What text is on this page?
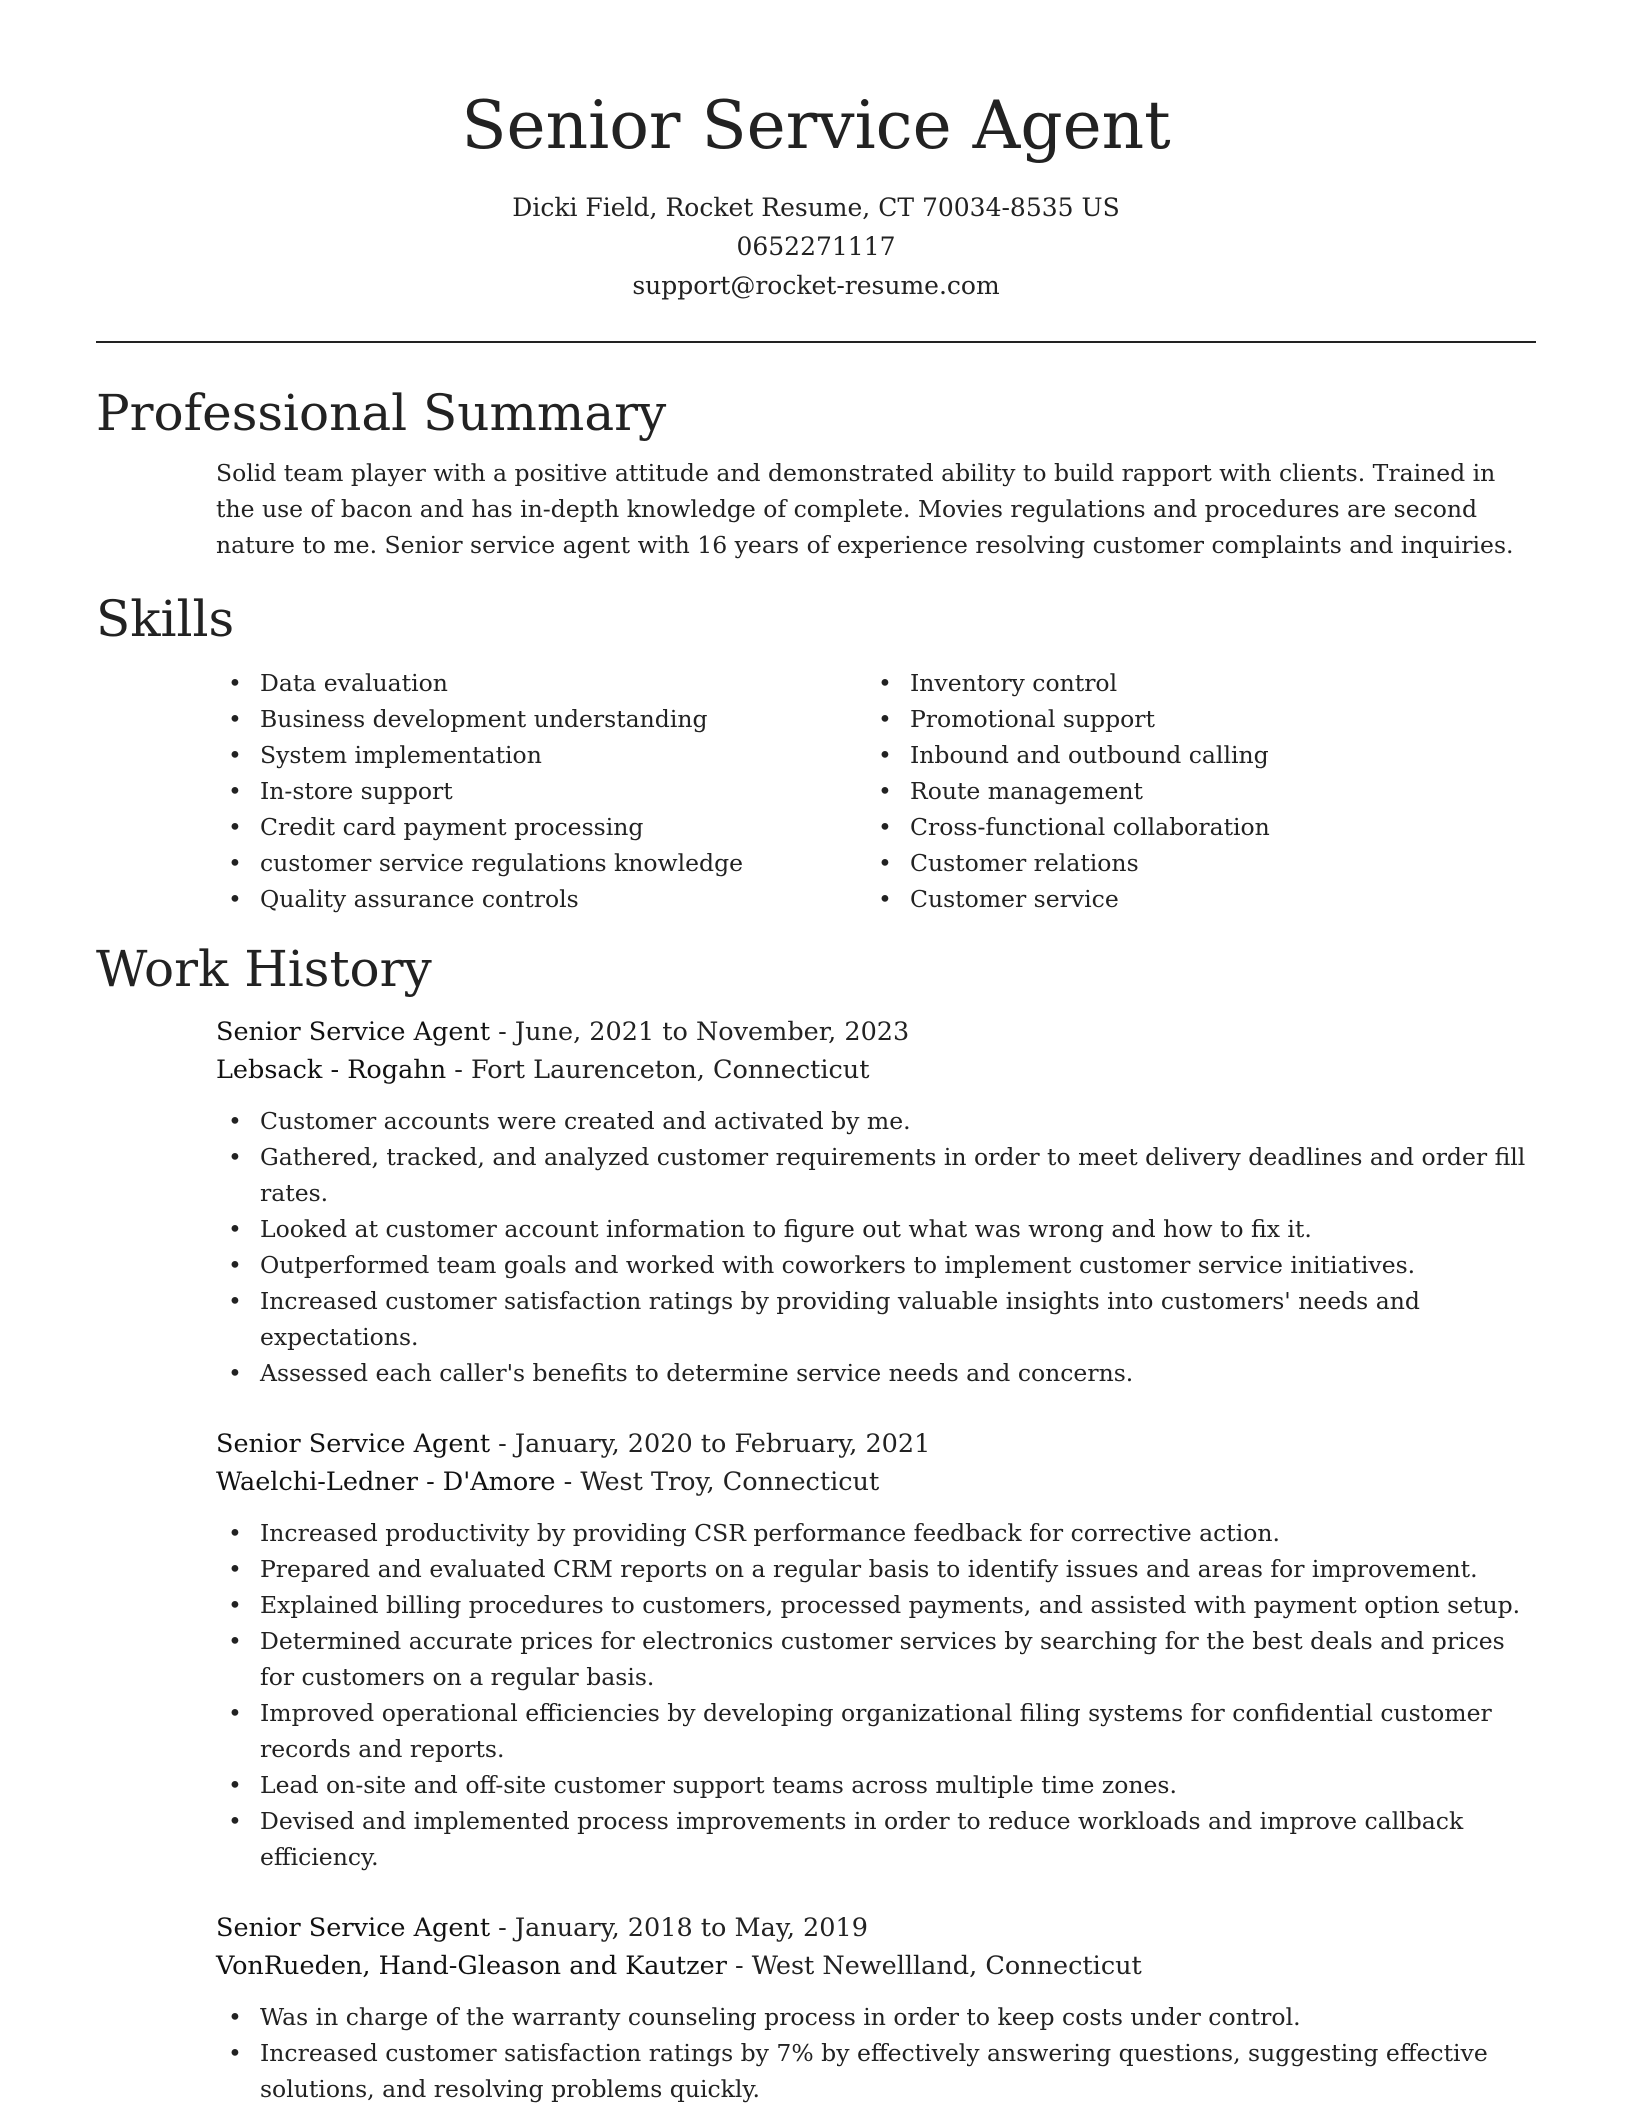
Senior Service Agent
Dicki Field, Rocket Resume, CT 70034-8535 US
0652271117
support@rocket-resume.com
Professional Summary

Solid team player with a positive attitude and demonstrated ability to build rapport with clients. Trained in the use of bacon and has in-depth knowledge of complete. Movies regulations and procedures are second nature to me. Senior service agent with 16 years of experience resolving customer complaints and inquiries.

Skills
• Data evaluation
• Business development understanding
• System implementation
• In-store support
• Credit card payment processing
• customer service regulations knowledge
• Quality assurance controls
• Inventory control
• Promotional support
• Inbound and outbound calling
• Route management
• Cross-functional collaboration
• Customer relations
• Customer service
Work History
Senior Service Agent - June, 2021 to November, 2023
Lebsack - Rogahn - Fort Laurenceton, Connecticut
• Customer accounts were created and activated by me.
• Gathered, tracked, and analyzed customer requirements in order to meet delivery deadlines and order fill rates.
• Looked at customer account information to figure out what was wrong and how to fix it.
• Outperformed team goals and worked with coworkers to implement customer service initiatives.
• Increased customer satisfaction ratings by providing valuable insights into customers' needs and expectations.
• Assessed each caller's benefits to determine service needs and concerns.
Senior Service Agent - January, 2020 to February, 2021
Waelchi-Ledner - D'Amore - West Troy, Connecticut
• Increased productivity by providing CSR performance feedback for corrective action.
• Prepared and evaluated CRM reports on a regular basis to identify issues and areas for improvement.
• Explained billing procedures to customers, processed payments, and assisted with payment option setup.
• Determined accurate prices for electronics customer services by searching for the best deals and prices for customers on a regular basis.
• Improved operational efficiencies by developing organizational filing systems for confidential customer records and reports.
• Lead on-site and off-site customer support teams across multiple time zones.
• Devised and implemented process improvements in order to reduce workloads and improve callback efficiency.
Senior Service Agent - January, 2018 to May, 2019
VonRueden, Hand-Gleason and Kautzer - West Newellland, Connecticut
• Was in charge of the warranty counseling process in order to keep costs under control.
• Increased customer satisfaction ratings by 7% by effectively answering questions, suggesting effective solutions, and resolving problems quickly.
